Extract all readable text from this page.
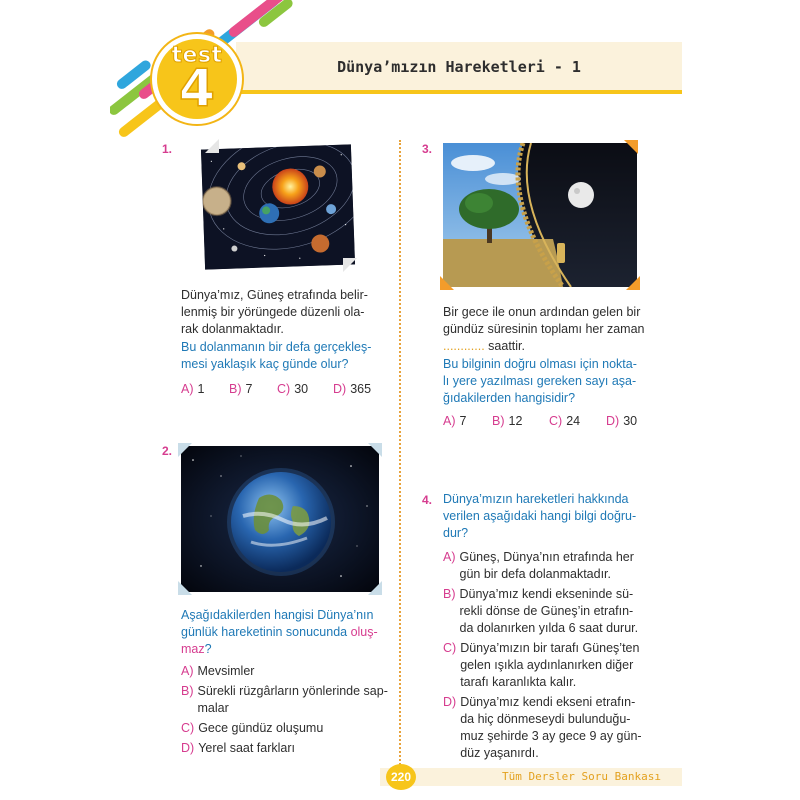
Dünya’mızın Hareketleri - 1
test
4
1.
Dünya’mız, Güneş etrafında belir-
lenmiş bir yörüngede düzenli ola-
rak dolanmaktadır.
Bu dolanmanın bir defa gerçekleş-
mesi yaklaşık kaç günde olur?
A) 1	B) 7	C) 30	D) 365
2.
Aşağıdakilerden hangisi Dünya’nın
günlük hareketinin sonucunda oluş-
maz?
A) Mevsimler
B) Sürekli rüzgârların yönlerinde sap-
malar
C) Gece gündüz oluşumu
D) Yerel saat farkları
3.
Bir gece ile onun ardından gelen bir
gündüz süresinin toplamı her zaman
............ saattir.
Bu bilginin doğru olması için nokta-
lı yere yazılması gereken sayı aşa-
ğıdakilerden hangisidir?
A) 7	B) 12	C) 24	D) 30
4. Dünya’mızın hareketleri hakkında
verilen aşağıdaki hangi bilgi doğru-
dur?
A) Güneş, Dünya’nın etrafında her
gün bir defa dolanmaktadır.
B) Dünya’mız kendi ekseninde sü-
rekli dönse de Güneş’in etrafın-
da dolanırken yılda 6 saat durur.
C) Dünya’mızın bir tarafı Güneş’ten
gelen ışıkla aydınlanırken diğer
tarafı karanlıkta kalır.
D) Dünya’mız kendi ekseni etrafın-
da hiç dönmeseydi bulunduğu-
muz şehirde 3 ay gece 9 ay gün-
düz yaşanırdı.
220	Tüm Dersler Soru Bankası
